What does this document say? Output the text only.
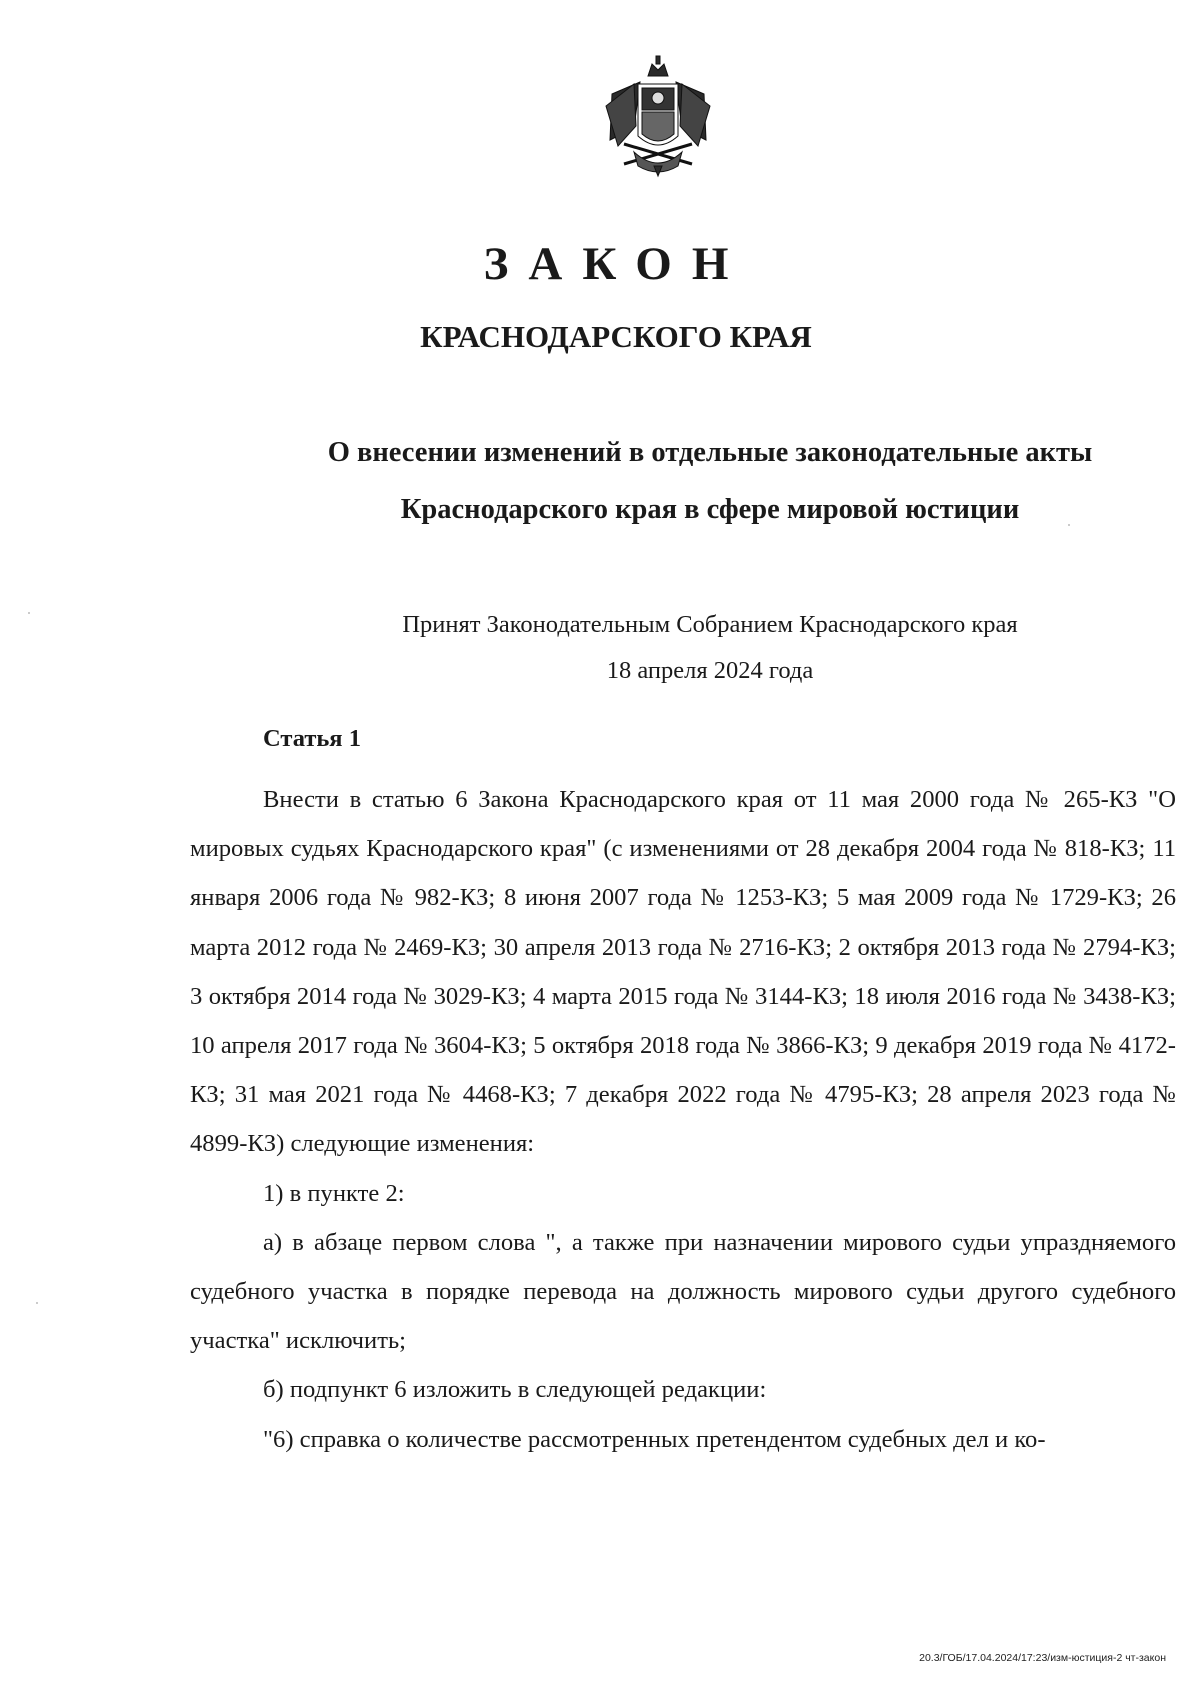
ЗАКОН
КРАСНОДАРСКОГО КРАЯ
О внесении изменений в отдельные законодательные акты
Краснодарского края в сфере мировой юстиции
Принят Законодательным Собранием Краснодарского края
18 апреля 2024 года
Статья 1

Внести в статью 6 Закона Краснодарского края от 11 мая 2000 года № 265-КЗ "О мировых судьях Краснодарского края" (с изменениями от 28 декабря 2004 года № 818-КЗ; 11 января 2006 года № 982-КЗ; 8 июня 2007 года № 1253-КЗ; 5 мая 2009 года № 1729-КЗ; 26 марта 2012 года № 2469-КЗ; 30 апреля 2013 года № 2716-КЗ; 2 октября 2013 года № 2794-КЗ; 3 октября 2014 года № 3029-КЗ; 4 марта 2015 года № 3144-КЗ; 18 июля 2016 года № 3438-КЗ; 10 апреля 2017 года № 3604-КЗ; 5 октября 2018 года № 3866-КЗ; 9 декабря 2019 года № 4172-КЗ; 31 мая 2021 года № 4468-КЗ; 7 декабря 2022 года № 4795-КЗ; 28 апреля 2023 года № 4899-КЗ) следующие изменения:

1) в пункте 2:

а) в абзаце первом слова ", а также при назначении мирового судьи упраздняемого судебного участка в порядке перевода на должность мирового судьи другого судебного участка" исключить;

б) подпункт 6 изложить в следующей редакции:

"6) справка о количестве рассмотренных претендентом судебных дел и ко-

20.3/ГОБ/17.04.2024/17:23/изм-юстиция-2 чт-закон
